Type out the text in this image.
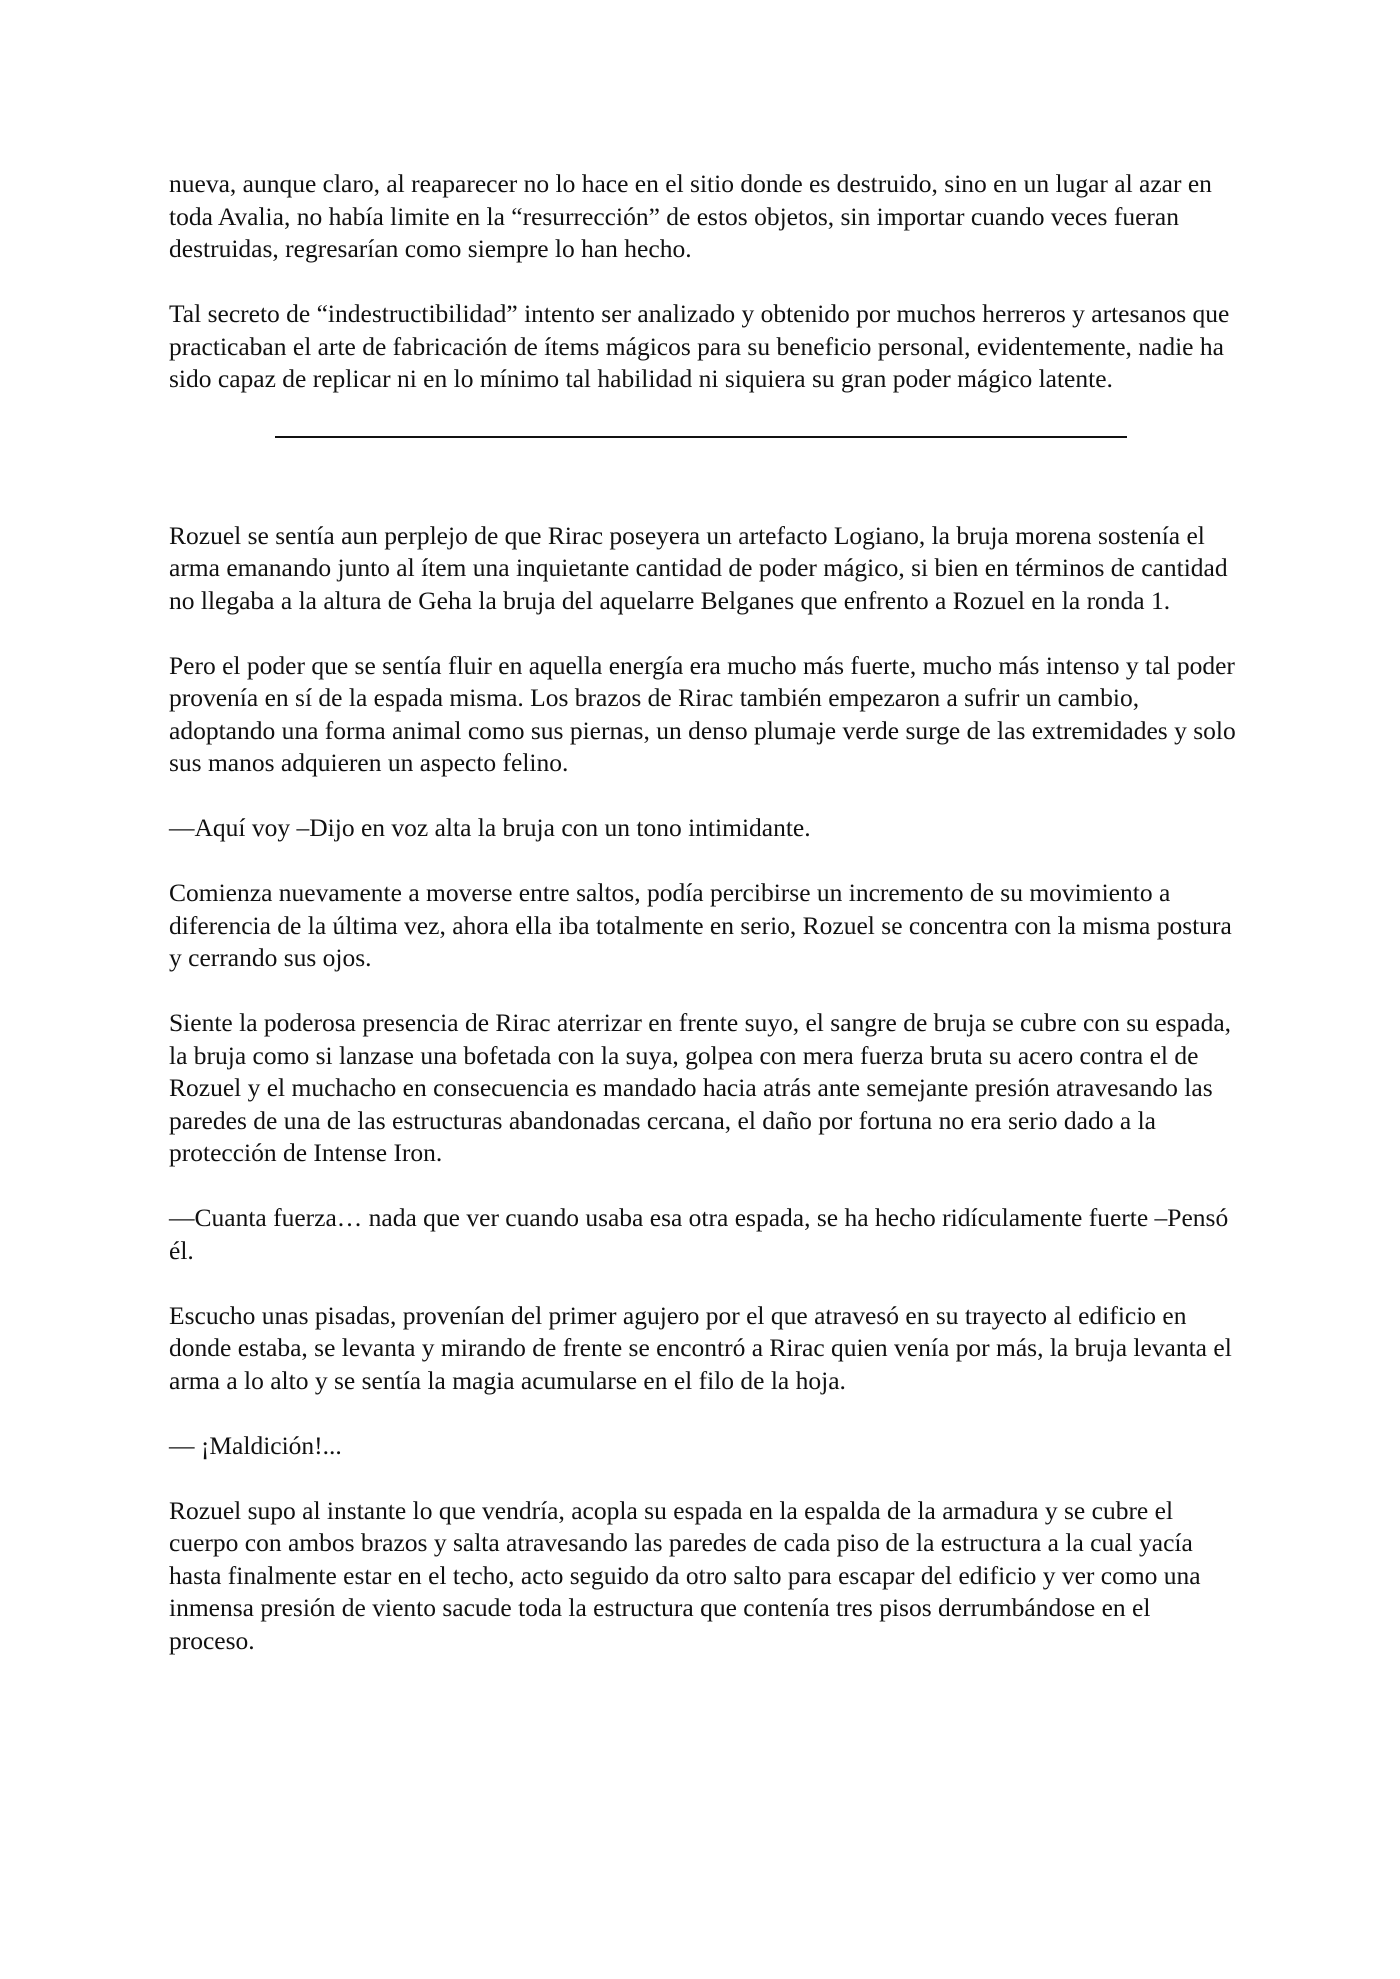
nueva, aunque claro, al reaparecer no lo hace en el sitio donde es destruido, sino en un lugar al azar en toda Avalia, no había limite en la “resurrección” de estos objetos, sin importar cuando veces fueran destruidas, regresarían como siempre lo han hecho.

Tal secreto de “indestructibilidad” intento ser analizado y obtenido por muchos herreros y artesanos que practicaban el arte de fabricación de ítems mágicos para su beneficio personal, evidentemente, nadie ha sido capaz de replicar ni en lo mínimo tal habilidad ni siquiera su gran poder mágico latente.

Rozuel se sentía aun perplejo de que Rirac poseyera un artefacto Logiano, la bruja morena sostenía el arma emanando junto al ítem una inquietante cantidad de poder mágico, si bien en términos de cantidad no llegaba a la altura de Geha la bruja del aquelarre Belganes que enfrento a Rozuel en la ronda 1.

Pero el poder que se sentía fluir en aquella energía era mucho más fuerte, mucho más intenso y tal poder provenía en sí de la espada misma. Los brazos de Rirac también empezaron a sufrir un cambio, adoptando una forma animal como sus piernas, un denso plumaje verde surge de las extremidades y solo sus manos adquieren un aspecto felino.

—Aquí voy –Dijo en voz alta la bruja con un tono intimidante.

Comienza nuevamente a moverse entre saltos, podía percibirse un incremento de su movimiento a diferencia de la última vez, ahora ella iba totalmente en serio, Rozuel se concentra con la misma postura y cerrando sus ojos.

Siente la poderosa presencia de Rirac aterrizar en frente suyo, el sangre de bruja se cubre con su espada, la bruja como si lanzase una bofetada con la suya, golpea con mera fuerza bruta su acero contra el de Rozuel y el muchacho en consecuencia es mandado hacia atrás ante semejante presión atravesando las paredes de una de las estructuras abandonadas cercana, el daño por fortuna no era serio dado a la protección de Intense Iron.

—Cuanta fuerza… nada que ver cuando usaba esa otra espada, se ha hecho ridículamente fuerte –Pensó él.

Escucho unas pisadas, provenían del primer agujero por el que atravesó en su trayecto al edificio en donde estaba, se levanta y mirando de frente se encontró a Rirac quien venía por más, la bruja levanta el arma a lo alto y se sentía la magia acumularse en el filo de la hoja.

— ¡Maldición!...

Rozuel supo al instante lo que vendría, acopla su espada en la espalda de la armadura y se cubre el cuerpo con ambos brazos y salta atravesando las paredes de cada piso de la estructura a la cual yacía hasta finalmente estar en el techo, acto seguido da otro salto para escapar del edificio y ver como una inmensa presión de viento sacude toda la estructura que contenía tres pisos derrumbándose en el proceso.
